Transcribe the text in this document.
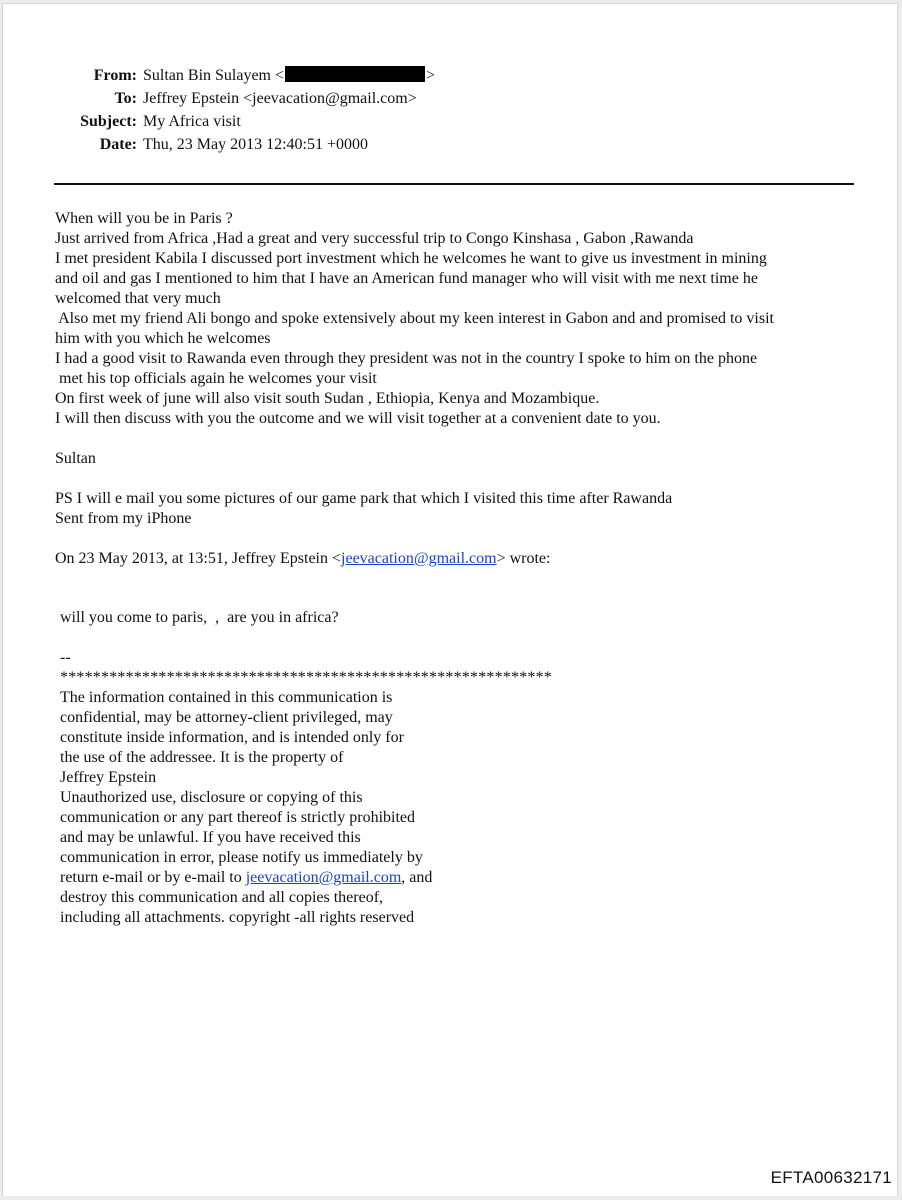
From: Sultan Bin Sulayem <	>
To: Jeffrey Epstein <jeevacation@gmail.com>
Subject: My Africa visit
Date: Thu, 23 May 2013 12:40:51 +0000
When will you be in Paris ?
Just arrived from Africa ,Had a great and very successful trip to Congo Kinshasa , Gabon ,Rawanda
I met president Kabila I discussed port investment which he welcomes he want to give us investment in mining
and oil and gas I mentioned to him that I have an American fund manager who will visit with me next time he
welcomed that very much
Also met my friend Ali bongo and spoke extensively about my keen interest in Gabon and and promised to visit
him with you which he welcomes
I had a good visit to Rawanda even through they president was not in the country I spoke to him on the phone
met his top officials again he welcomes your visit
On first week of june will also visit south Sudan , Ethiopia, Kenya and Mozambique.
I will then discuss with you the outcome and we will visit together at a convenient date to you.
Sultan
PS I will e mail you some pictures of our game park that which I visited this time after Rawanda
Sent from my iPhone
On 23 May 2013, at 13:51, Jeffrey Epstein <jeevacation@gmail.com> wrote:
will you come to paris,  ,  are you in africa?
--
************************************************************
The information contained in this communication is
confidential, may be attorney-client privileged, may
constitute inside information, and is intended only for
the use of the addressee. It is the property of
Jeffrey Epstein
Unauthorized use, disclosure or copying of this
communication or any part thereof is strictly prohibited
and may be unlawful. If you have received this
communication in error, please notify us immediately by
return e-mail or by e-mail to jeevacation@gmail.com, and
destroy this communication and all copies thereof,
including all attachments. copyright -all rights reserved
EFTA00632171
